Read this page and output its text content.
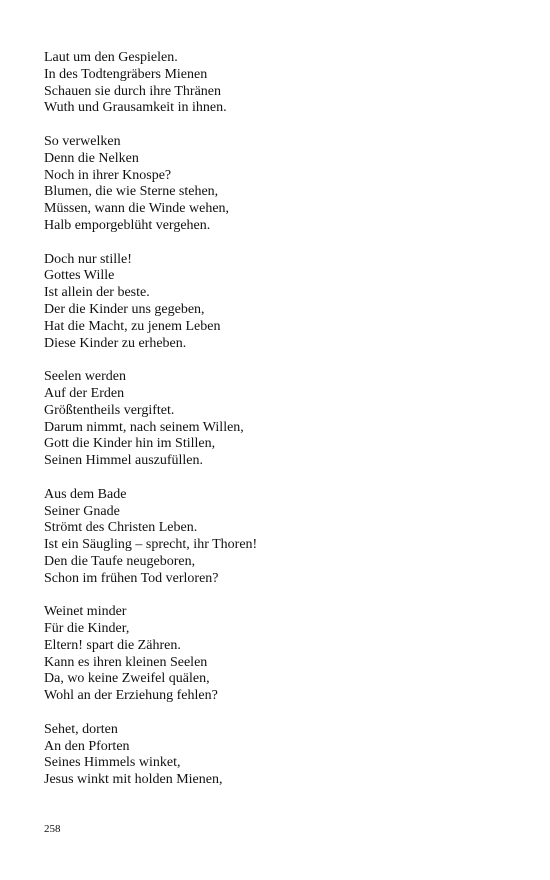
Laut um den Gespielen.
In des Todtengräbers Mienen
Schauen sie durch ihre Thränen
Wuth und Grausamkeit in ihnen.
So verwelken
Denn die Nelken
Noch in ihrer Knospe?
Blumen, die wie Sterne stehen,
Müssen, wann die Winde wehen,
Halb emporgeblüht vergehen.
Doch nur stille!
Gottes Wille
Ist allein der beste.
Der die Kinder uns gegeben,
Hat die Macht, zu jenem Leben
Diese Kinder zu erheben.
Seelen werden
Auf der Erden
Größtentheils vergiftet.
Darum nimmt, nach seinem Willen,
Gott die Kinder hin im Stillen,
Seinen Himmel auszufüllen.
Aus dem Bade
Seiner Gnade
Strömt des Christen Leben.
Ist ein Säugling – sprecht, ihr Thoren!
Den die Taufe neugeboren,
Schon im frühen Tod verloren?
Weinet minder
Für die Kinder,
Eltern! spart die Zähren.
Kann es ihren kleinen Seelen
Da, wo keine Zweifel quälen,
Wohl an der Erziehung fehlen?
Sehet, dorten
An den Pforten
Seines Himmels winket,
Jesus winkt mit holden Mienen,
258
